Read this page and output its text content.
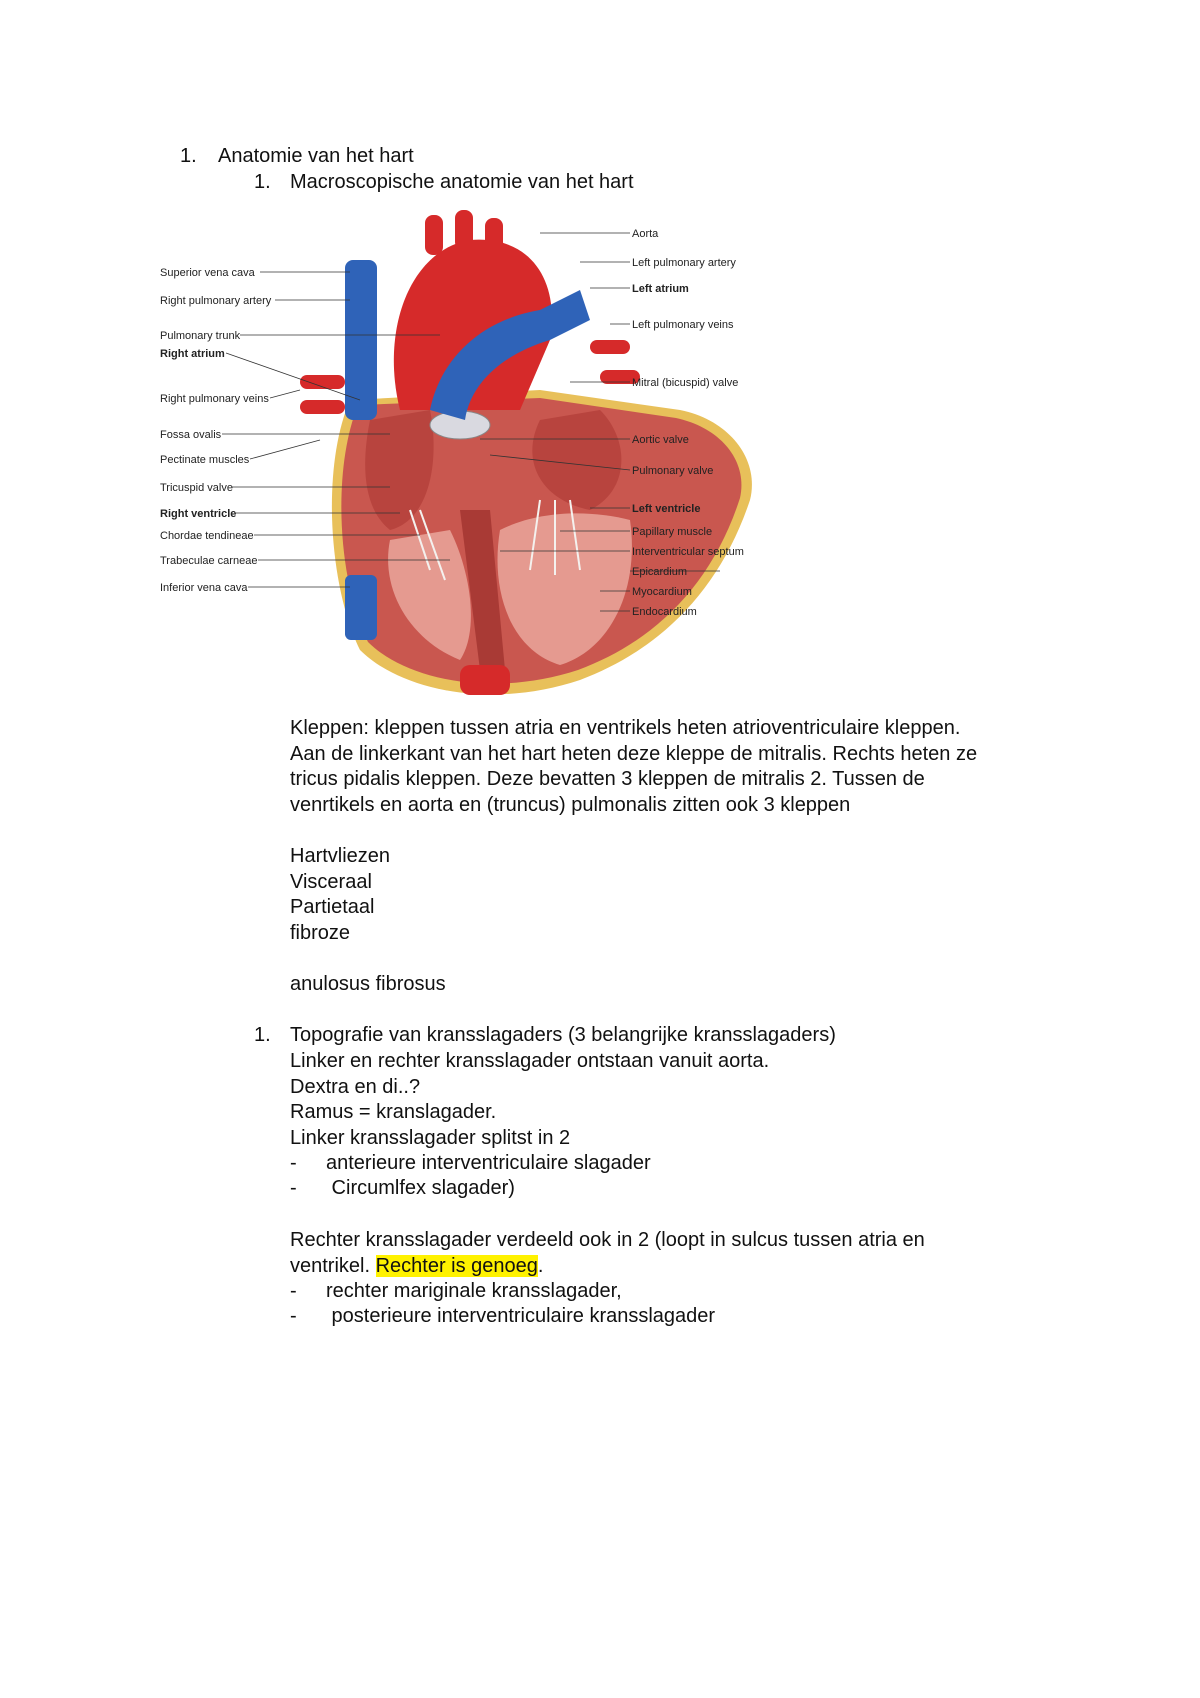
1. Anatomie van het hart
1. Macroscopische anatomie van het hart
Superior vena cava
Right pulmonary artery
Pulmonary trunk
Right atrium
Right pulmonary veins
Fossa ovalis
Pectinate muscles
Tricuspid valve
Right ventricle
Chordae tendineae
Trabeculae carneae
Inferior vena cava
Aorta
Left pulmonary artery
Left atrium
Left pulmonary veins
Mitral (bicuspid) valve
Aortic valve
Pulmonary valve
Left ventricle
Papillary muscle
Interventricular septum
Epicardium
Myocardium
Endocardium

Kleppen: kleppen tussen atria en ventrikels heten atrioventriculaire kleppen.

Aan de linkerkant van het hart heten deze kleppe de mitralis. Rechts heten ze

tricus pidalis kleppen. Deze bevatten 3 kleppen de mitralis 2. Tussen de

venrtikels en aorta en (truncus) pulmonalis zitten ook 3 kleppen

Hartvliezen

Visceraal

Partietaal

fibroze

anulosus fibrosus

1. Topografie van kransslagaders (3 belangrijke kransslagaders)

Linker en rechter kransslagader ontstaan vanuit aorta.

Dextra en di..?

Ramus = kranslagader.

Linker kransslagader splitst in 2

- anterieure interventriculaire slagader
- Circumlfex slagader)

Rechter kransslagader verdeeld ook in 2 (loopt in sulcus tussen atria en

ventrikel. Rechter is genoeg.

- rechter mariginale kransslagader,
- posterieure interventriculaire kransslagader
